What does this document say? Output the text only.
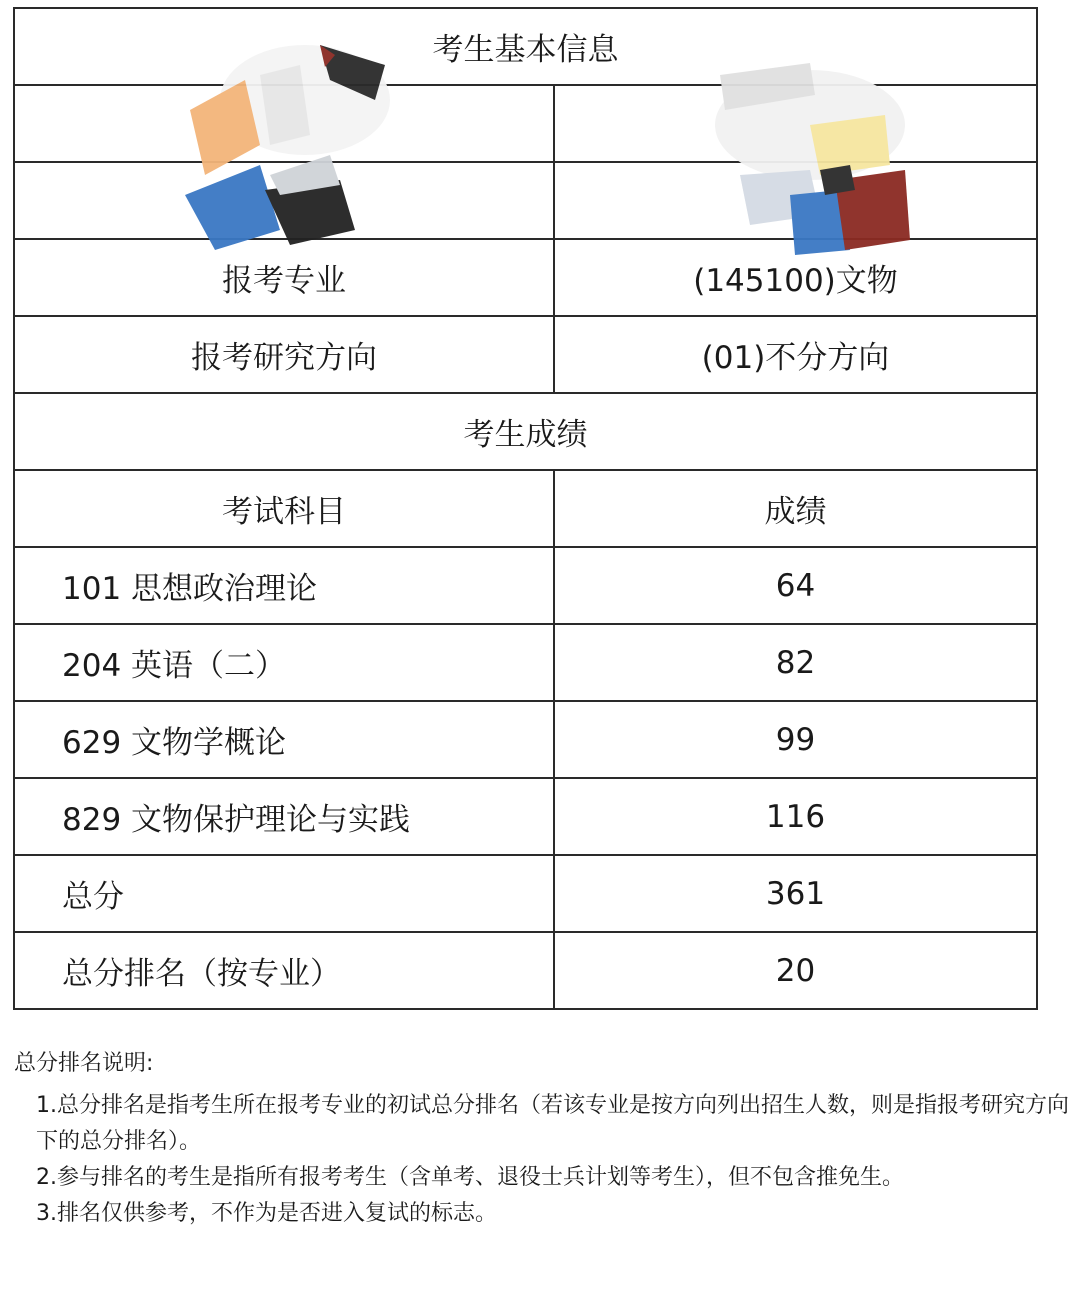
考生基本信息	

报考专业	(145100)文物
报考研究方向	(01)不分方向
考生成绩	
考试科目	成绩
101 思想政治理论	64
204 英语（二）	82
629 文物学概论	99
829 文物保护理论与实践	116
总分	361
总分排名（按专业）	20
总分排名说明:
1.总分排名是指考生所在报考专业的初试总分排名（若该专业是按方向列出招生人数，则是指报考研究方向下的总分排名）。
2.参与排名的考生是指所有报考考生（含单考、退役士兵计划等考生），但不包含推免生。
3.排名仅供参考，不作为是否进入复试的标志。
